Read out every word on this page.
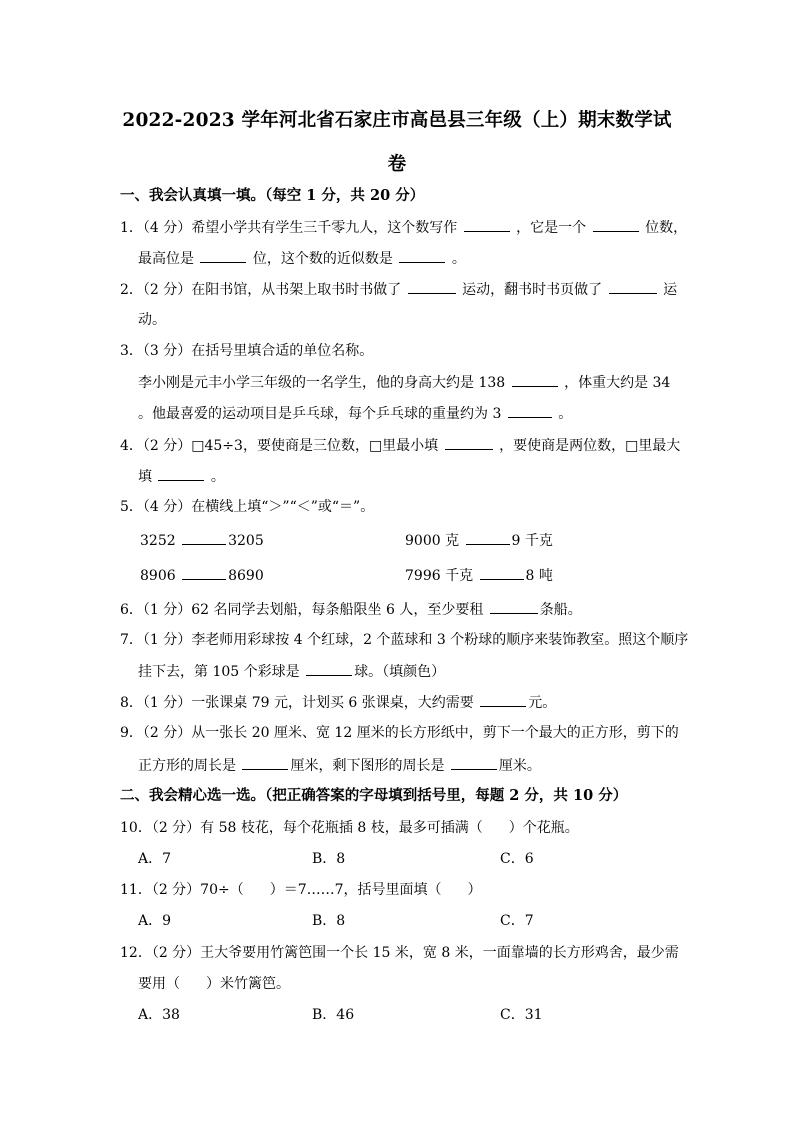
2022-2023 学年河北省石家庄市高邑县三年级（上）期末数学试
卷
一、我会认真填一填。（每空 1 分，共 20 分）
1．（4 分）希望小学共有学生三千零九人，这个数写作	，它是一个	位数，
最高位是	位，这个数的近似数是	。
2．（2 分）在阳书馆，从书架上取书时书做了	运动，翻书时书页做了	运
动。
3．（3 分）在括号里填合适的单位名称。
李小刚是元丰小学三年级的一名学生，他的身高大约是 138	，体重大约是 34
。他最喜爱的运动项目是乒乓球，每个乒乓球的重量约为 3	。
4．（2 分）□45÷3，要使商是三位数，□里最小填	，要使商是两位数，□里最大
填	。
5．（4 分）在横线上填“＞”“＜”或“＝”。
3252	3205	9000 克	9 千克
8906	8690	7996 千克	8 吨
6．（1 分）62 名同学去划船，每条船限坐 6 人，至少要租	条船。
7．（1 分）李老师用彩球按 4 个红球，2 个蓝球和 3 个粉球的顺序来装饰教室。照这个顺序
挂下去，第 105 个彩球是	球。（填颜色）
8．（1 分）一张课桌 79 元，计划买 6 张课桌，大约需要	元。
9．（2 分）从一张长 20 厘米、宽 12 厘米的长方形纸中，剪下一个最大的正方形，剪下的
正方形的周长是	厘米，剩下图形的周长是	厘米。
二、我会精心选一选。（把正确答案的字母填到括号里，每题 2 分，共 10 分）
10．（2 分）有 58 枝花，每个花瓶插 8 枝，最多可插满（ ）个花瓶。
A．7	B．8	C．6
11．（2 分）70÷（ ）＝7……7，括号里面填（ ）
A．9	B．8	C．7
12．（2 分）王大爷要用竹篱笆围一个长 15 米，宽 8 米，一面靠墙的长方形鸡舍，最少需
要用（ ）米竹篱笆。
A．38	B．46	C．31
